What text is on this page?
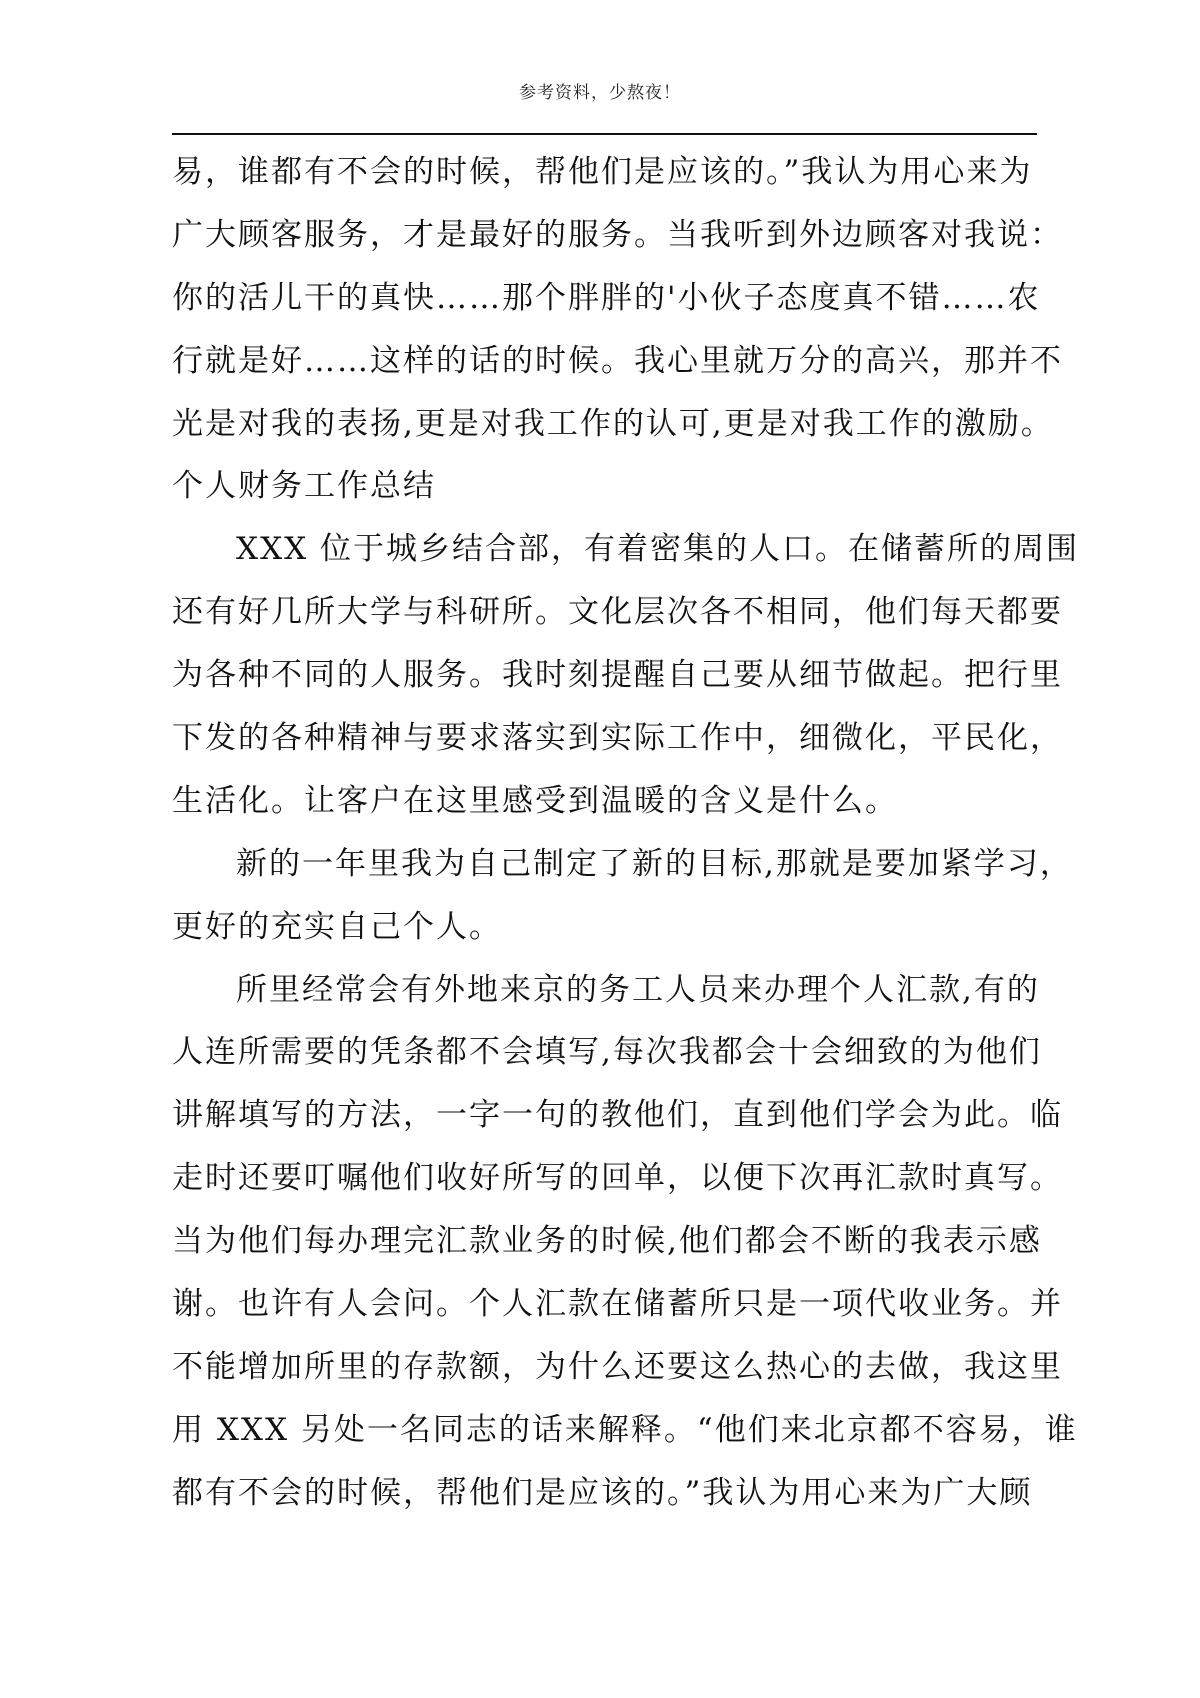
参考资料，少熬夜！
易，谁都有不会的时候，帮他们是应该的。”我认为用心来为
广大顾客服务，才是最好的服务。当我听到外边顾客对我说：
你的活儿干的真快……那个胖胖的'小伙子态度真不错……农
行就是好……这样的话的时候。我心里就万分的高兴，那并不
光是对我的表扬,更是对我工作的认可,更是对我工作的激励。
个人财务工作总结
XXX 位于城乡结合部，有着密集的人口。在储蓄所的周围
还有好几所大学与科研所。文化层次各不相同，他们每天都要
为各种不同的人服务。我时刻提醒自己要从细节做起。把行里
下发的各种精神与要求落实到实际工作中，细微化，平民化，
生活化。让客户在这里感受到温暖的含义是什么。
新的一年里我为自己制定了新的目标,那就是要加紧学习，
更好的充实自己个人。
所里经常会有外地来京的务工人员来办理个人汇款,有的
人连所需要的凭条都不会填写,每次我都会十会细致的为他们
讲解填写的方法，一字一句的教他们，直到他们学会为此。临
走时还要叮嘱他们收好所写的回单，以便下次再汇款时真写。
当为他们每办理完汇款业务的时候,他们都会不断的我表示感
谢。也许有人会问。个人汇款在储蓄所只是一项代收业务。并
不能增加所里的存款额，为什么还要这么热心的去做，我这里
用 XXX 另处一名同志的话来解释。“他们来北京都不容易，谁
都有不会的时候，帮他们是应该的。”我认为用心来为广大顾
